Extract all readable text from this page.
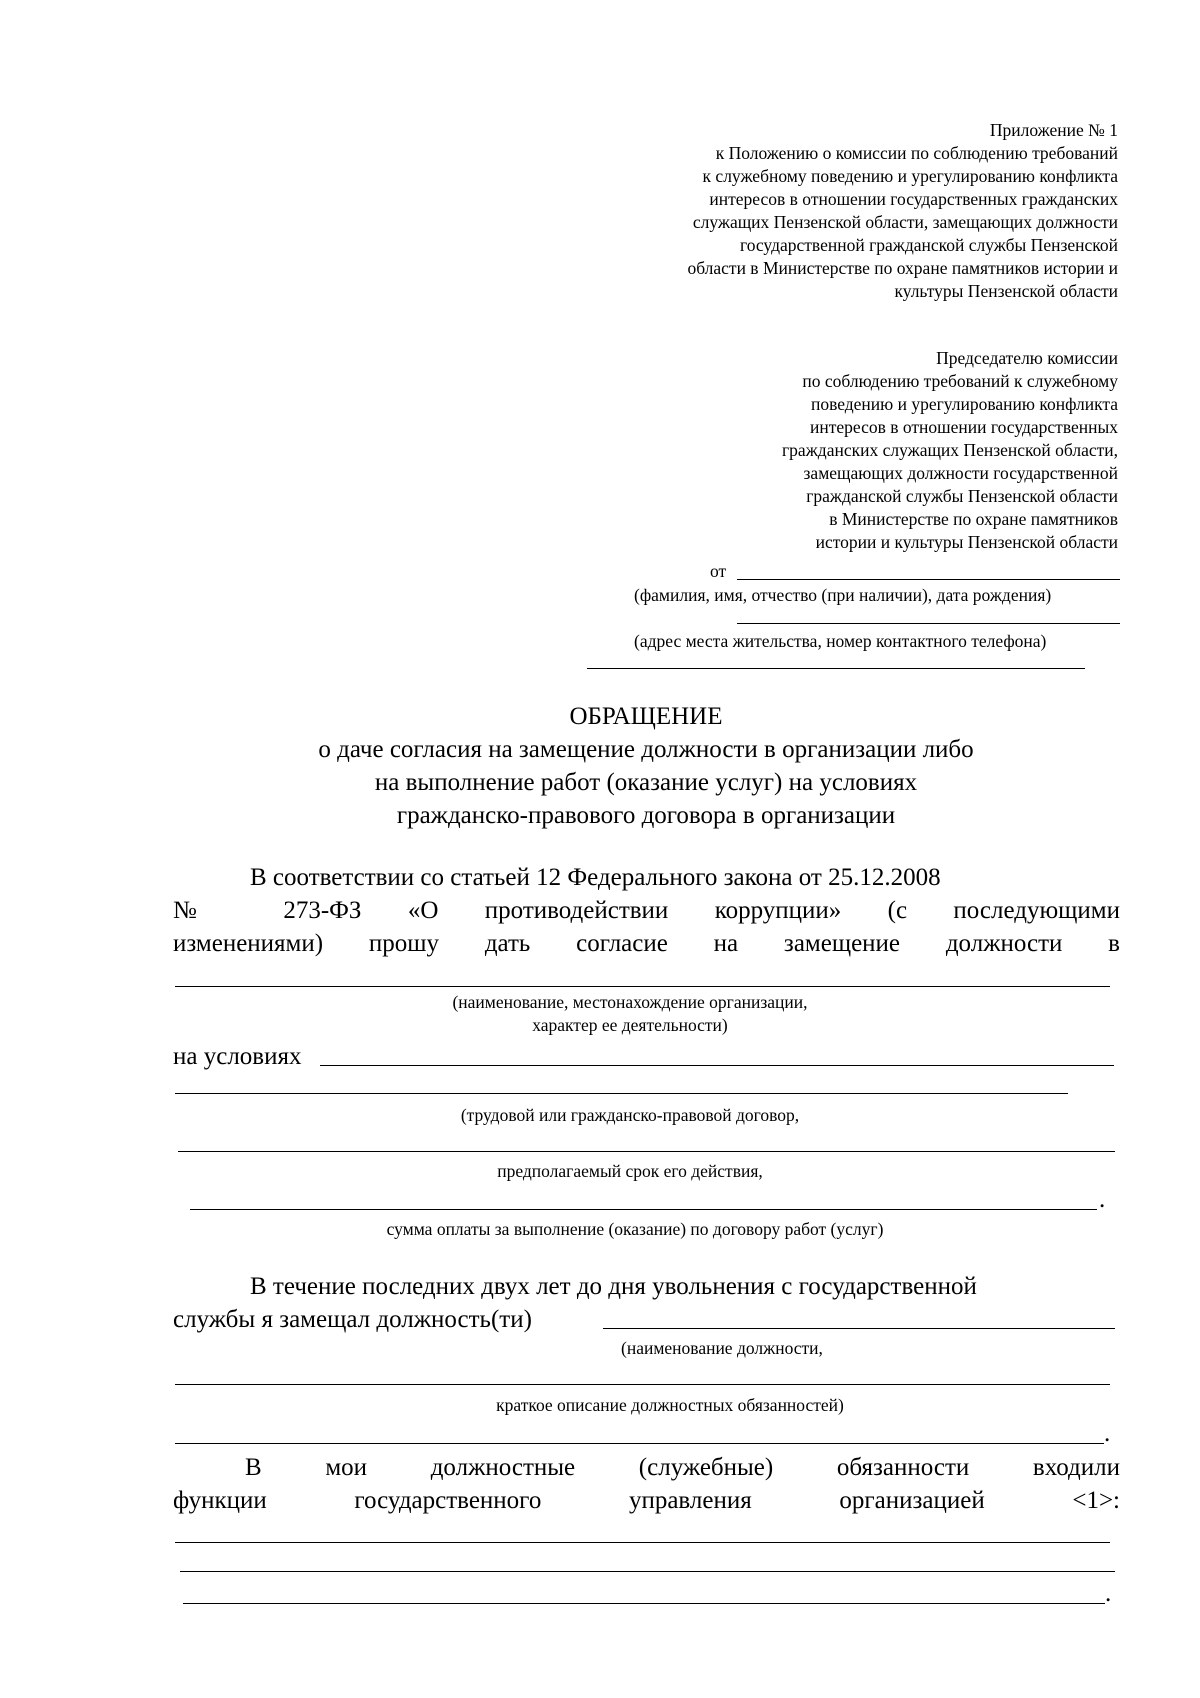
Приложение № 1
к Положению о комиссии по соблюдению требований
к служебному поведению и урегулированию конфликта
интересов в отношении государственных гражданских
служащих Пензенской области, замещающих должности
государственной гражданской службы Пензенской
области в Министерстве по охране памятников истории и
культуры Пензенской области
Председателю комиссии
по соблюдению требований к служебному
поведению и урегулированию конфликта
интересов в отношении государственных
гражданских служащих Пензенской области,
замещающих должности государственной
гражданской службы Пензенской области
в Министерстве по охране памятников
истории и культуры Пензенской области
от
(фамилия, имя, отчество (при наличии), дата рождения)
(адрес места жительства, номер контактного телефона)
ОБРАЩЕНИЕ
о даче согласия на замещение должности в организации либо
на выполнение работ (оказание услуг) на условиях
гражданско-правового договора в организации
В соответствии со статьей 12 Федерального закона от 25.12.2008
№ 273-ФЗ «О противодействии коррупции» (с последующими
изменениями) прошу дать согласие на замещение должности в
(наименование, местонахождение организации,
характер ее деятельности)
на условиях
(трудовой или гражданско-правовой договор,
предполагаемый срок его действия,
.
сумма оплаты за выполнение (оказание) по договору работ (услуг)
В течение последних двух лет до дня увольнения с государственной
службы я замещал должность(ти)
(наименование должности,
краткое описание должностных обязанностей)
.
В мои должностные (служебные) обязанности входили
функции государственного управления организацией <1>:
.
